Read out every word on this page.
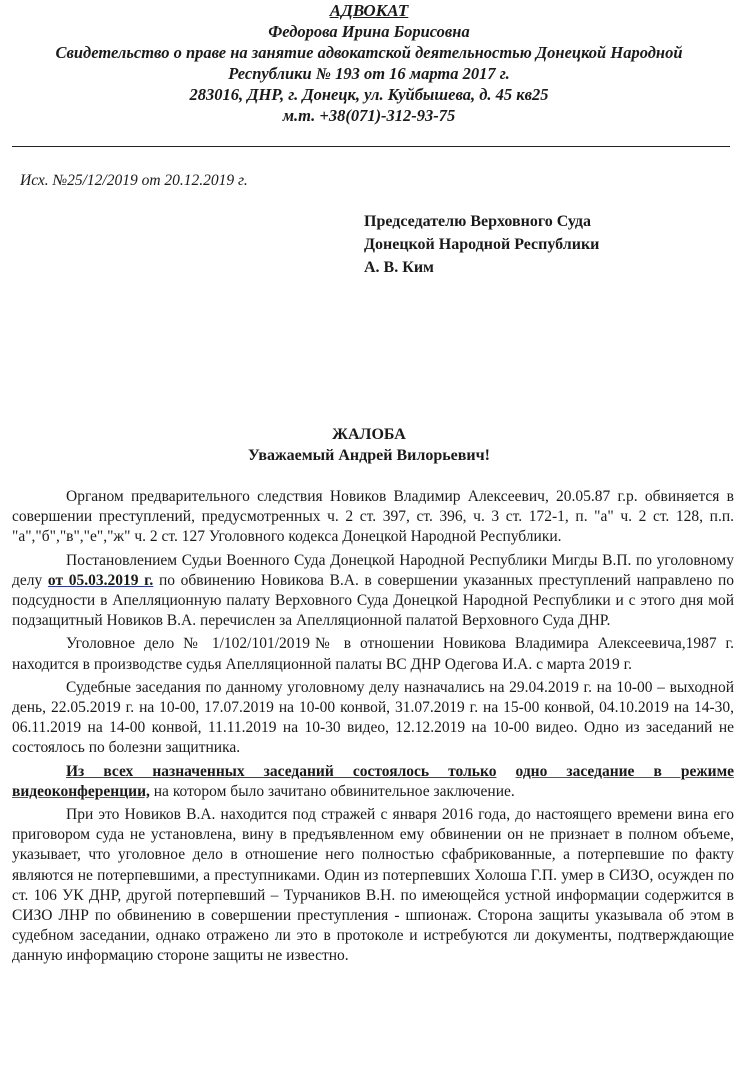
АДВОКАТ
Федорова Ирина Борисовна
Свидетельство о праве на занятие адвокатской деятельностью Донецкой Народной
Республики № 193 от 16 марта 2017 г.
283016, ДНР, г. Донецк, ул. Куйбышева, д. 45 кв25
м.т. +38(071)-312-93-75
Исх. №25/12/2019 от 20.12.2019 г.
Председателю Верховного Суда
Донецкой Народной Республики
А. В. Ким
ЖАЛОБА
Уважаемый Андрей Вилорьевич!

Органом предварительного следствия Новиков Владимир Алексеевич, 20.05.87 г.р. обвиняется в совершении преступлений, предусмотренных ч. 2 ст. 397, ст. 396, ч. 3 ст. 172-1, п. "а" ч. 2 ст. 128, п.п. "а","б","в","е","ж" ч. 2 ст. 127 Уголовного кодекса Донецкой Народной Республики.

Постановлением Судьи Военного Суда Донецкой Народной Республики Мигды В.П. по уголовному делу от 05.03.2019 г. по обвинению Новикова В.А. в совершении указанных преступлений направлено по подсудности в Апелляционную палату Верховного Суда Донецкой Народной Республики и с этого дня мой подзащитный Новиков В.А. перечислен за Апелляционной палатой Верховного Суда ДНР.

Уголовное дело № 1/102/101/2019№ в отношении Новикова Владимира Алексеевича,1987 г. находится в производстве судья Апелляционной палаты ВС ДНР Одегова И.А. с марта 2019 г.

Судебные заседания по данному уголовному делу назначались на 29.04.2019 г. на 10-00 – выходной день, 22.05.2019 г. на 10-00, 17.07.2019 на 10-00 конвой, 31.07.2019 г. на 15-00 конвой, 04.10.2019 на 14-30, 06.11.2019 на 14-00 конвой, 11.11.2019 на 10-30 видео, 12.12.2019 на 10-00 видео. Одно из заседаний не состоялось по болезни защитника.

Из всех назначенных заседаний состоялось только одно заседание в режиме видеоконференции, на котором было зачитано обвинительное заключение.

При это Новиков В.А. находится под стражей с января 2016 года, до настоящего времени вина его приговором суда не установлена, вину в предъявленном ему обвинении он не признает в полном объеме, указывает, что уголовное дело в отношение него полностью сфабрикованные, а потерпевшие по факту являются не потерпевшими, а преступниками. Один из потерпевших Холоша Г.П. умер в СИЗО, осужден по ст. 106 УК ДНР, другой потерпевший – Турчаников В.Н. по имеющейся устной информации содержится в СИЗО ЛНР по обвинению в совершении преступления - шпионаж. Сторона защиты указывала об этом в судебном заседании, однако отражено ли это в протоколе и истребуются ли документы, подтверждающие данную информацию стороне защиты не известно.
